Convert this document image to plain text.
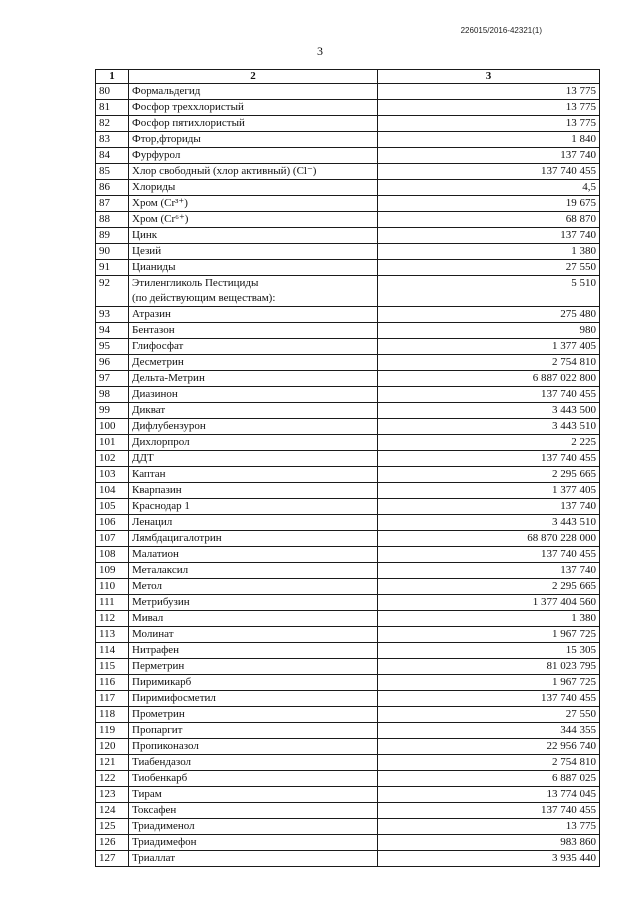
226015/2016-42321(1)
3
1	2	3
80	Формальдегид	13 775
81	Фосфор треххлористый	13 775
82	Фосфор пятихлористый	13 775
83	Фтор,фториды	1 840
84	Фурфурол	137 740
85	Хлор свободный (хлор активный) (Cl⁻)	137 740 455
86	Хлориды	4,5
87	Хром (Cr³⁺)	19 675
88	Хром (Cr⁶⁺)	68 870
89	Цинк	137 740
90	Цезий	1 380
91	Цианиды	27 550
92	Этиленгликоль Пестициды
(по действующим веществам):	5 510
93	Атразин	275 480
94	Бентазон	980
95	Глифосфат	1 377 405
96	Десметрин	2 754 810
97	Дельта-Метрин	6 887 022 800
98	Диазинон	137 740 455
99	Дикват	3 443 500
100	Дифлубензурон	3 443 510
101	Дихлорпрол	2 225
102	ДДТ	137 740 455
103	Каптан	2 295 665
104	Кварпазин	1 377 405
105	Краснодар 1	137 740
106	Ленацил	3 443 510
107	Лямбдацигалотрин	68 870 228 000
108	Малатион	137 740 455
109	Металаксил	137 740
110	Метол	2 295 665
111	Метрибузин	1 377 404 560
112	Мивал	1 380
113	Молинат	1 967 725
114	Нитрафен	15 305
115	Перметрин	81 023 795
116	Пиримикарб	1 967 725
117	Пиримифосметил	137 740 455
118	Прометрин	27 550
119	Пропаргит	344 355
120	Пропиконазол	22 956 740
121	Тиабендазол	2 754 810
122	Тиобенкарб	6 887 025
123	Тирам	13 774 045
124	Токсафен	137 740 455
125	Триадименол	13 775
126	Триадимефон	983 860
127	Триаллат	3 935 440
